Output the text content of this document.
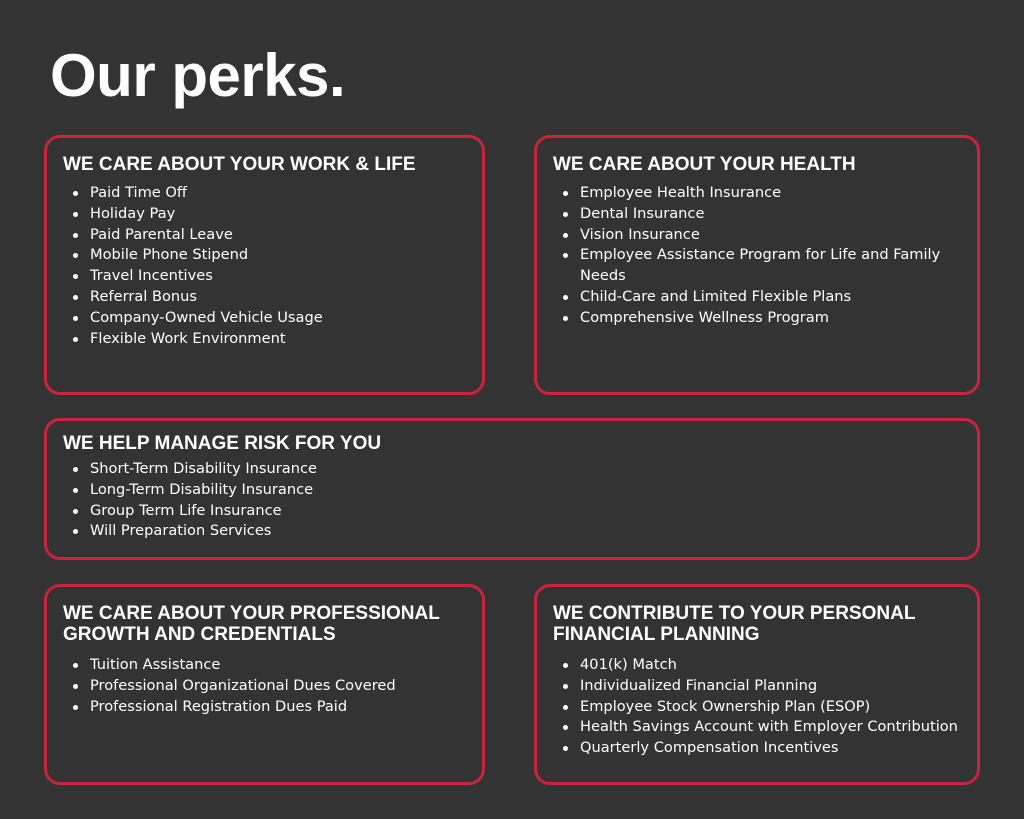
Our perks.
WE CARE ABOUT YOUR WORK & LIFE
Paid Time Off
Holiday Pay
Paid Parental Leave
Mobile Phone Stipend
Travel Incentives
Referral Bonus
Company-Owned Vehicle Usage
Flexible Work Environment
WE CARE ABOUT YOUR HEALTH
Employee Health Insurance
Dental Insurance
Vision Insurance
Employee Assistance Program for Life and Family Needs
Child-Care and Limited Flexible Plans
Comprehensive Wellness Program
WE HELP MANAGE RISK FOR YOU
Short-Term Disability Insurance
Long-Term Disability Insurance
Group Term Life Insurance
Will Preparation Services
WE CARE ABOUT YOUR PROFESSIONAL GROWTH AND CREDENTIALS
Tuition Assistance
Professional Organizational Dues Covered
Professional Registration Dues Paid
WE CONTRIBUTE TO YOUR PERSONAL FINANCIAL PLANNING
401(k) Match
Individualized Financial Planning
Employee Stock Ownership Plan (ESOP)
Health Savings Account with Employer Contribution
Quarterly Compensation Incentives
